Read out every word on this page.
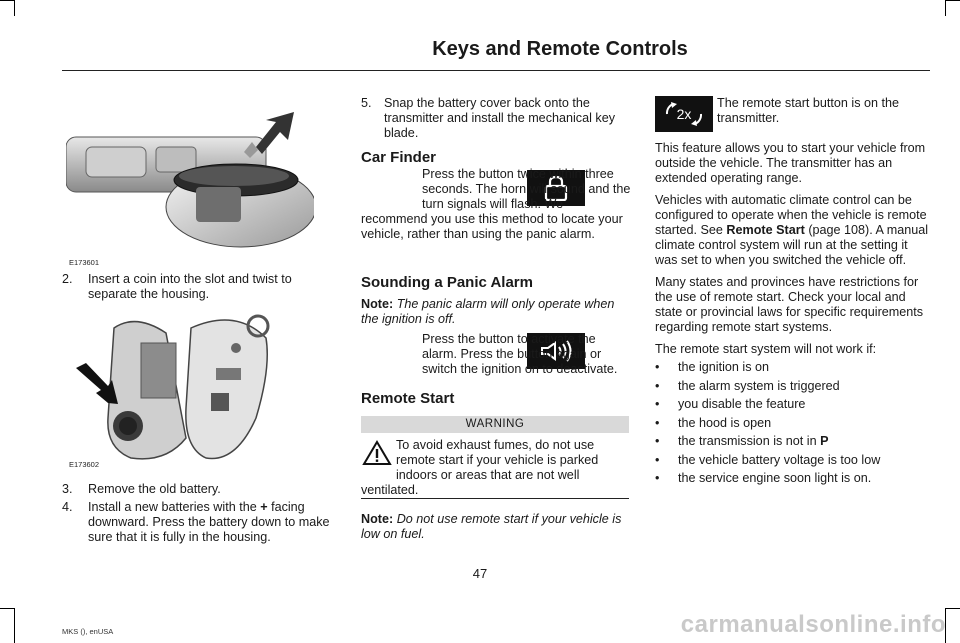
Keys and Remote Controls
E173601
2.	Insert a coin into the slot and twist to separate the housing.

E173602
3.	Remove the old battery.

4.	Install a new batteries with the + facing downward. Press the battery down to make sure that it is fully in the housing.

5. Snap the battery cover back onto the transmitter and install the mechanical key blade.

Car Finder

Press the button twice within three seconds. The horn will sound and the turn signals will flash. We

recommend you use this method to locate your vehicle, rather than using the panic alarm.

Sounding a Panic Alarm
Note: The panic alarm will only operate when the ignition is off.

Press the button to activate the alarm. Press the button again or switch the ignition on to deactivate.

Remote Start
WARNING

To avoid exhaust fumes, do not use remote start if your vehicle is parked indoors or areas that are not well

ventilated.

Note: Do not use remote start if your vehicle is low on fuel.
2x

The remote start button is on the transmitter.

This feature allows you to start your vehicle from outside the vehicle. The transmitter has an extended operating range.

Vehicles with automatic climate control can be configured to operate when the vehicle is remote started. See Remote Start (page 108). A manual climate control system will run at the setting it was set to when you switched the vehicle off.

Many states and provinces have restrictions for the use of remote start. Check your local and state or provincial laws for specific requirements regarding remote start systems.

The remote start system will not work if:

• the ignition is on
• the alarm system is triggered
• you disable the feature
• the hood is open
• the transmission is not in P
• the vehicle battery voltage is too low
• the service engine soon light is on.
47
MKS (), enUSA	carmanualsonline.info
